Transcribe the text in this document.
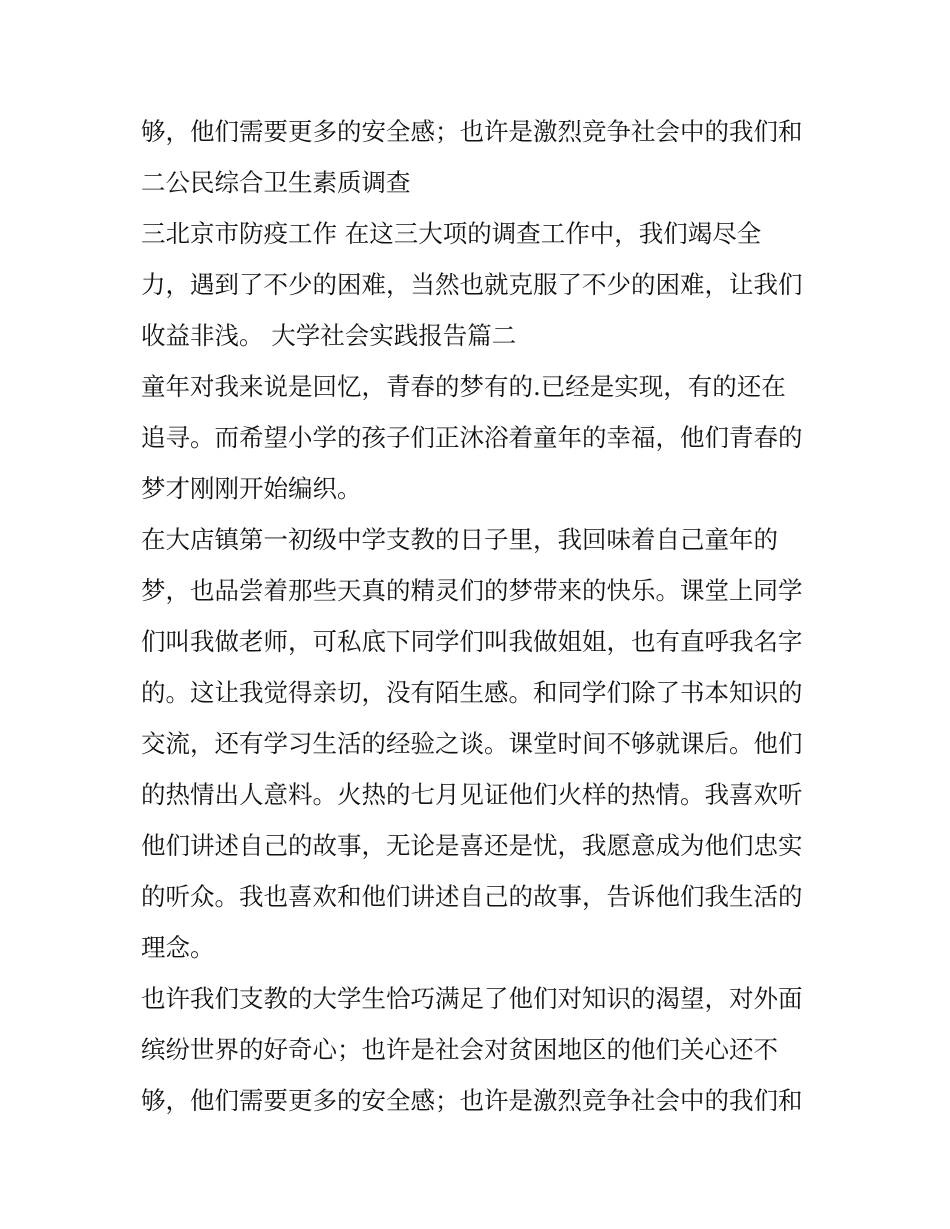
够，他们需要更多的安全感；也许是激烈竞争社会中的我们和
二公民综合卫生素质调查
三北京市防疫工作 在这三大项的调查工作中，我们竭尽全
力，遇到了不少的困难，当然也就克服了不少的困难，让我们
收益非浅。 大学社会实践报告篇二
童年对我来说是回忆，青春的梦有的.已经是实现，有的还在
追寻。而希望小学的孩子们正沐浴着童年的幸福，他们青春的
梦才刚刚开始编织。
在大店镇第一初级中学支教的日子里，我回味着自己童年的
梦，也品尝着那些天真的精灵们的梦带来的快乐。课堂上同学
们叫我做老师，可私底下同学们叫我做姐姐，也有直呼我名字
的。这让我觉得亲切，没有陌生感。和同学们除了书本知识的
交流，还有学习生活的经验之谈。课堂时间不够就课后。他们
的热情出人意料。火热的七月见证他们火样的热情。我喜欢听
他们讲述自己的故事，无论是喜还是忧，我愿意成为他们忠实
的听众。我也喜欢和他们讲述自己的故事，告诉他们我生活的
理念。
也许我们支教的大学生恰巧满足了他们对知识的渴望，对外面
缤纷世界的好奇心；也许是社会对贫困地区的他们关心还不
够，他们需要更多的安全感；也许是激烈竞争社会中的我们和
